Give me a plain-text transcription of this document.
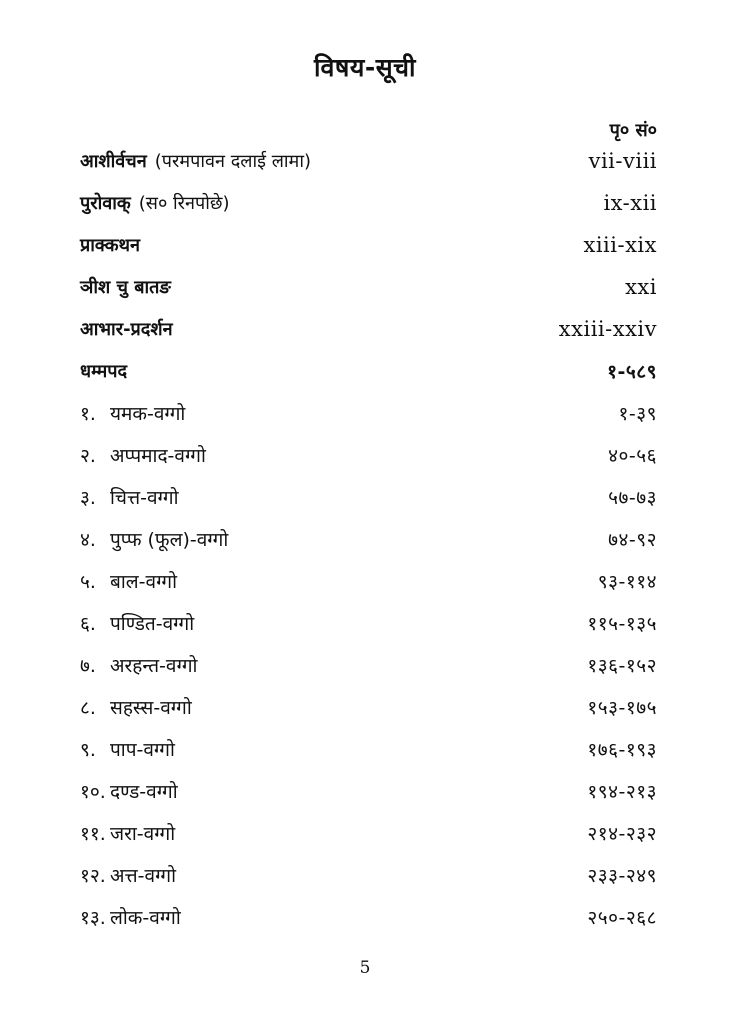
विषय-सूची
पृ० सं०
आशीर्वचन (परमपावन दलाई लामा)	vii-viii
पुरोवाक् (स० रिनपोछे)	ix-xii
प्राक्कथन	xiii-xix
ञीश चु बातङ	xxi
आभार-प्रदर्शन	xxiii-xxiv
धम्मपद	१-५८९
१. यमक-वग्गो	१-३९
२. अप्पमाद-वग्गो	४०-५६
३. चित्त-वग्गो	५७-७३
४. पुप्फ (फूल)-वग्गो	७४-९२
५. बाल-वग्गो	९३-११४
६. पण्डित-वग्गो	११५-१३५
७. अरहन्त-वग्गो	१३६-१५२
८. सहस्स-वग्गो	१५३-१७५
९. पाप-वग्गो	१७६-१९३
१०. दण्ड-वग्गो	१९४-२१३
११. जरा-वग्गो	२१४-२३२
१२. अत्त-वग्गो	२३३-२४९
१३. लोक-वग्गो	२५०-२६८
5
